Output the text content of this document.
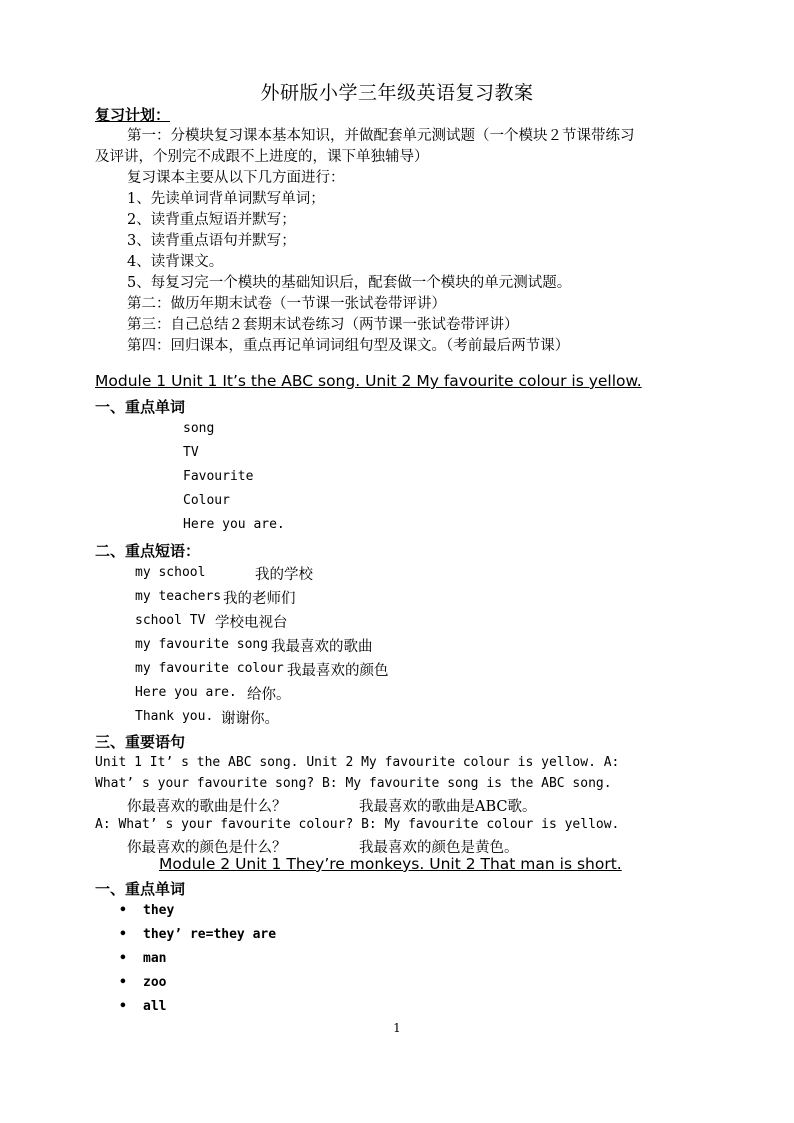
外研版小学三年级英语复习教案
复习计划：
第一：分模块复习课本基本知识，并做配套单元测试题（一个模块２节课带练习
及评讲，个别完不成跟不上进度的，课下单独辅导）
复习课本主要从以下几方面进行：
1、先读单词背单词默写单词；
2、读背重点短语并默写；
3、读背重点语句并默写；
4、读背课文。
5、每复习完一个模块的基础知识后，配套做一个模块的单元测试题。
第二：做历年期末试卷（一节课一张试卷带评讲）
第三：自己总结２套期末试卷练习（两节课一张试卷带评讲）
第四：回归课本，重点再记单词词组句型及课文。（考前最后两节课）
Module 1 Unit 1 It’s the ABC song. Unit 2 My favourite colour is yellow.
一、重点单词
song
TV
Favourite
Colour
Here you are.
二、重点短语：
my school	我的学校
my teachers 我的老师们
school TV 学校电视台
my favourite song 我最喜欢的歌曲
my favourite colour 我最喜欢的颜色
Here you are. 给你。
Thank you. 谢谢你。
三、重要语句
Unit 1 It’ s the ABC song. Unit 2 My favourite colour is yellow. A:
What’ s your favourite song? B: My favourite song is the ABC song.
你最喜欢的歌曲是什么？	我最喜欢的歌曲是ABC歌。
A: What’ s your favourite colour? B: My favourite colour is yellow.
你最喜欢的颜色是什么？	我最喜欢的颜色是黄色。
Module 2 Unit 1 They’re monkeys. Unit 2 That man is short.
一、重点单词
• they
• they’ re=they are
• man
• zoo
• all
1
